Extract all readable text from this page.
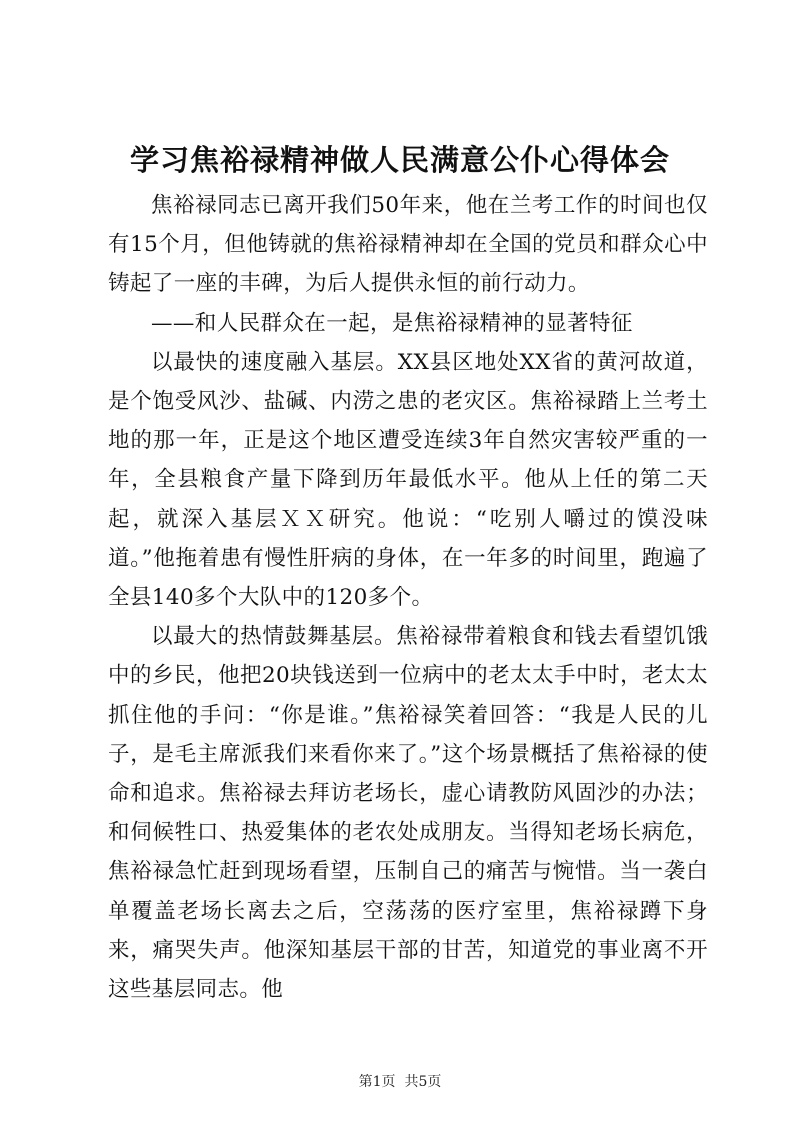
学习焦裕禄精神做人民满意公仆心得体会

焦裕禄同志已离开我们50年来，他在兰考工作的时间也仅有15个月，但他铸就的焦裕禄精神却在全国的党员和群众心中铸起了一座的丰碑，为后人提供永恒的前行动力。

——和人民群众在一起，是焦裕禄精神的显著特征

以最快的速度融入基层。XX县区地处XX省的黄河故道，是个饱受风沙、盐碱、内涝之患的老灾区。焦裕禄踏上兰考土地的那一年，正是这个地区遭受连续3年自然灾害较严重的一年，全县粮食产量下降到历年最低水平。他从上任的第二天起，就深入基层ＸＸ研究。他说：“吃别人嚼过的馍没味道。”他拖着患有慢性肝病的身体，在一年多的时间里，跑遍了全县140多个大队中的120多个。

以最大的热情鼓舞基层。焦裕禄带着粮食和钱去看望饥饿中的乡民，他把20块钱送到一位病中的老太太手中时，老太太抓住他的手问：“你是谁。”焦裕禄笑着回答：“我是人民的儿子，是毛主席派我们来看你来了。”这个场景概括了焦裕禄的使命和追求。焦裕禄去拜访老场长，虚心请教防风固沙的办法；和伺候牲口、热爱集体的老农处成朋友。当得知老场长病危，焦裕禄急忙赶到现场看望，压制自己的痛苦与惋惜。当一袭白单覆盖老场长离去之后，空荡荡的医疗室里，焦裕禄蹲下身来，痛哭失声。他深知基层干部的甘苦，知道党的事业离不开这些基层同志。他

第1页 共5页
